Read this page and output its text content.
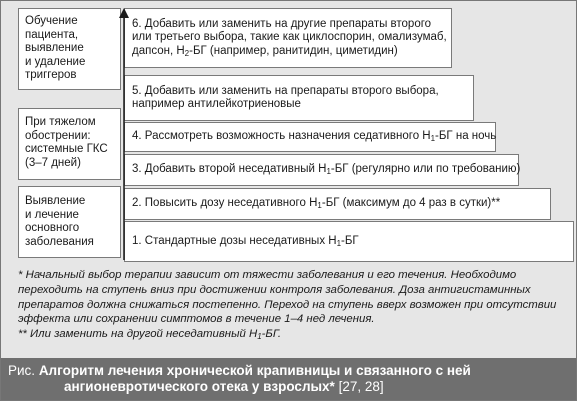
Обучение
пациента,
выявление
и удаление
триггеров
При тяжелом
обострении:
системные ГКС
(3–7 дней)
Выявление
и лечение
основного
заболевания
6. Добавить или заменить на другие препараты второго
или третьего выбора, такие как циклоспорин, омализумаб,
дапсон, $Н_2-БГ$ (например, ранитидин, циметидин)
5. Добавить или заменить на препараты второго выбора,
например антилейкотриеновые
4. Рассмотреть возможность назначения седативного $Н_1-БГ$ на ночь
3. Добавить второй неседативный $Н_1-БГ$ (регулярно или по требованию)
2. Повысить дозу неседативного $Н_1-БГ$ (максимум до 4 раз в сутки)**
1. Стандартные дозы неседативных $Н_1-БГ$
* Начальный выбор терапии зависит от тяжести заболевания и его течения. Необходимо
переходить на ступень вниз при достижении контроля заболевания. Доза антигистаминных
препаратов должна снижаться постепенно. Переход на ступень вверх возможен при отсутствии
эффекта или сохранении симптомов в течение 1–4 нед лечения.
** Или заменить на другой неседативный $Н_1-БГ$.
Рис. Алгоритм лечения хронической крапивницы и связанного с ней
ангионевротического отека у взрослых* [27, 28]
